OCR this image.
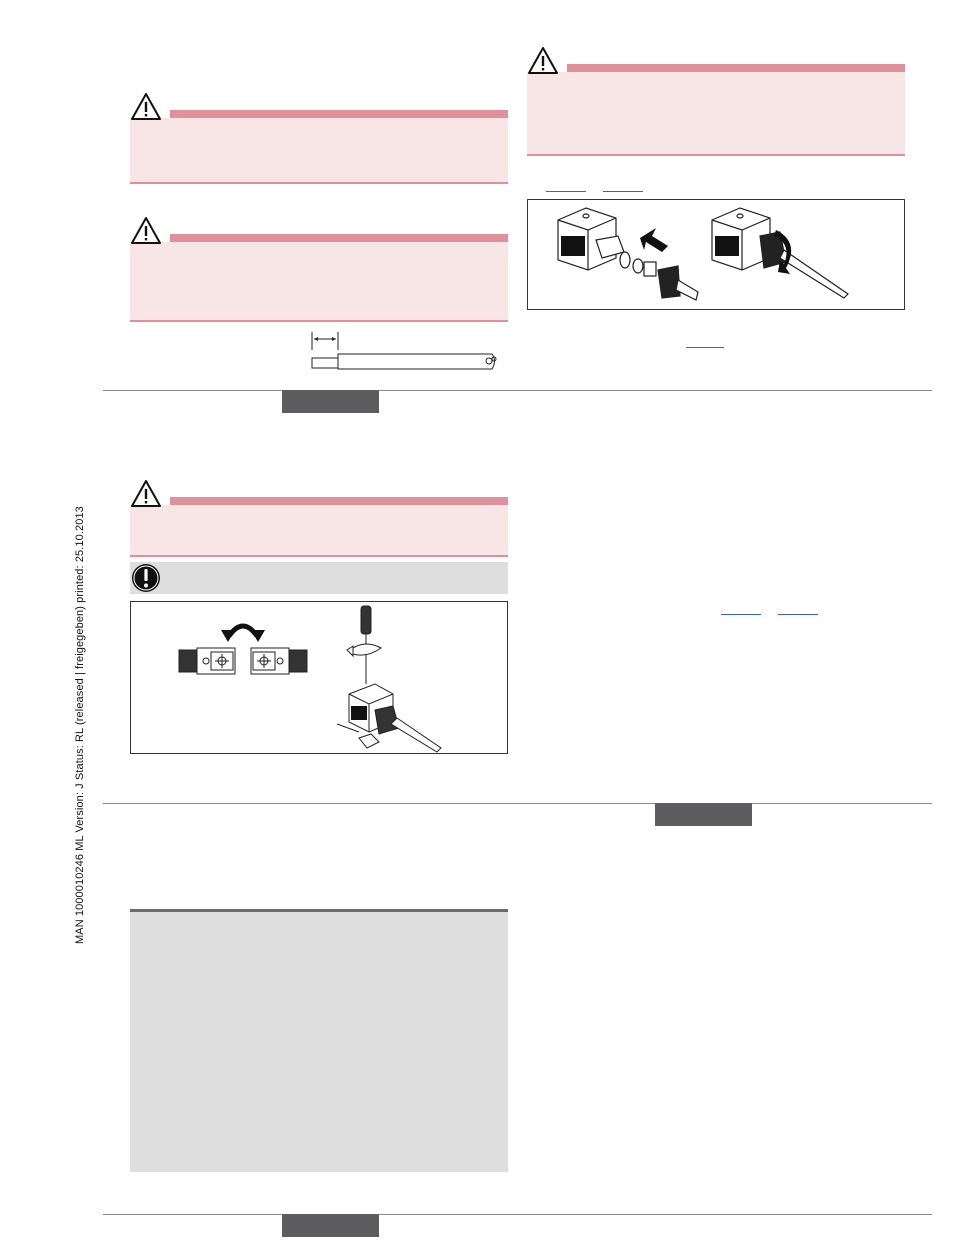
MAN 1000010246 ML Version: J Status: RL (released | freigegeben) printed: 25.10.2013
